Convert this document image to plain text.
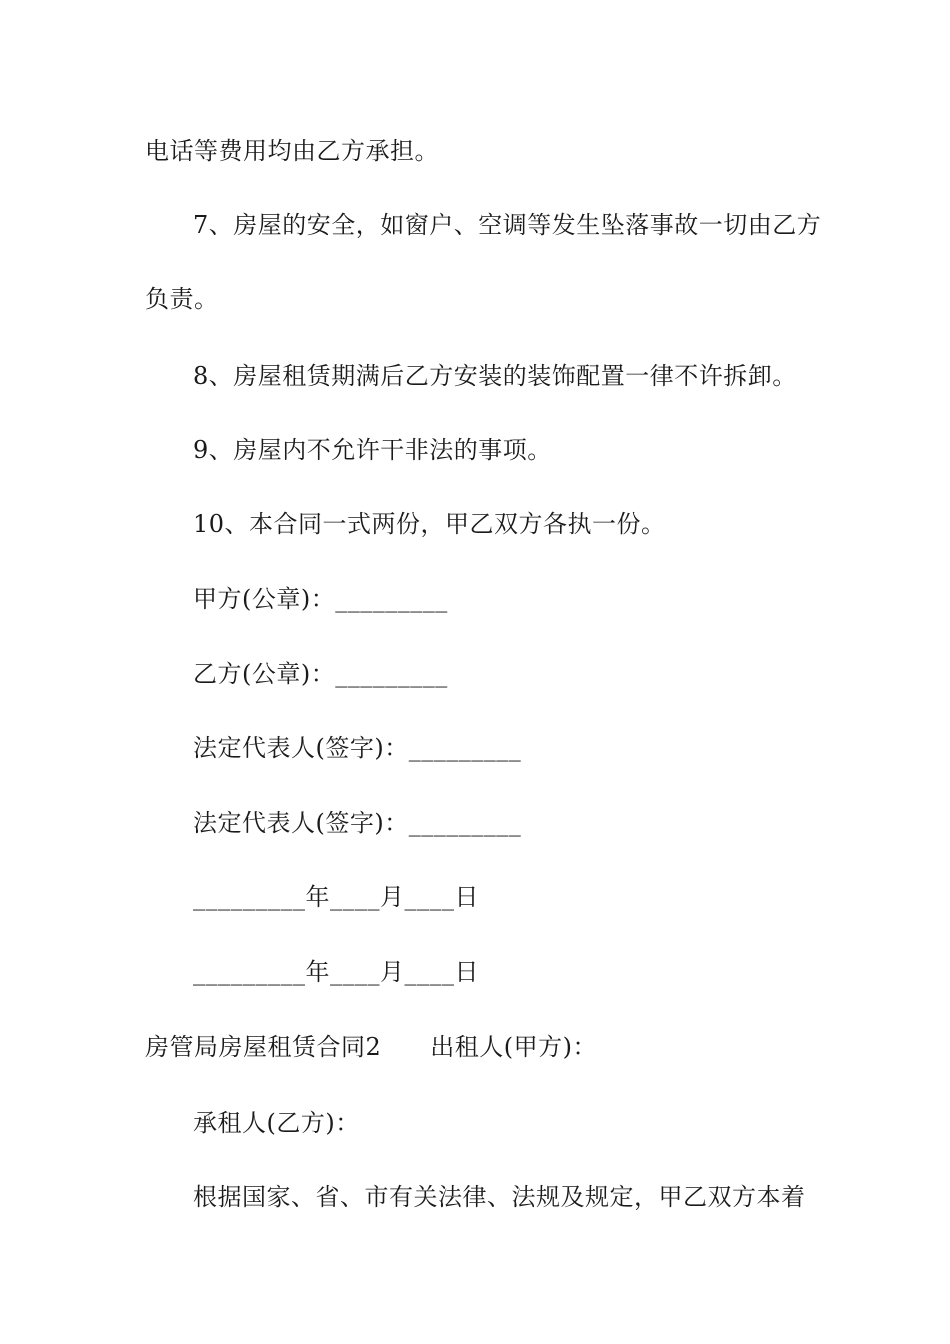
电话等费用均由乙方承担。
7、房屋的安全，如窗户、空调等发生坠落事故一切由乙方
负责。
8、房屋租赁期满后乙方安装的装饰配置一律不许拆卸。
9、房屋内不允许干非法的事项。
10、本合同一式两份，甲乙双方各执一份。
甲方(公章)：_________
乙方(公章)：_________
法定代表人(签字)：_________
法定代表人(签字)：_________
_________年____月____日
_________年____月____日
房管局房屋租赁合同2　　出租人(甲方)：
承租人(乙方)：
根据国家、省、市有关法律、法规及规定，甲乙双方本着
